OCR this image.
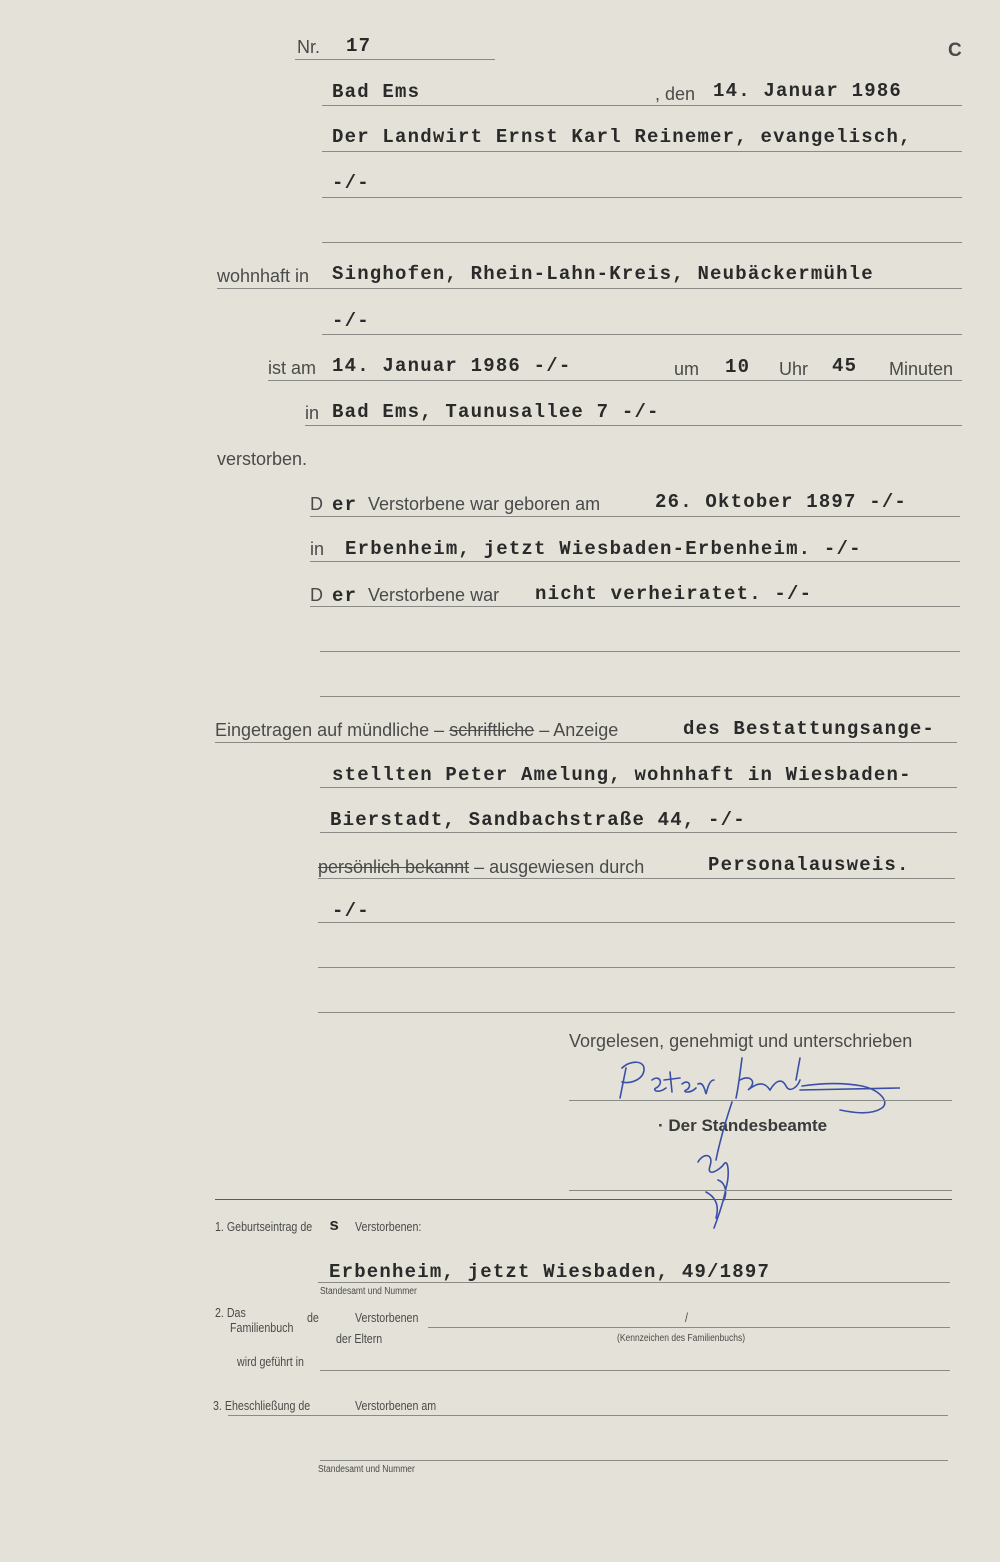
Nr. 17	C
Bad Ems	, den 14. Januar 1986
Der Landwirt Ernst Karl Reinemer, evangelisch,
-/-
wohnhaft in Singhofen, Rhein-Lahn-Kreis, Neubäckermühle
-/-
ist am 14. Januar 1986 -/-	um 10 Uhr 45 Minuten
in Bad Ems, Taunusallee 7 -/-
verstorben.
D er Verstorbene war geboren am	26. Oktober 1897 -/-
in Erbenheim, jetzt Wiesbaden-Erbenheim. -/-
D er Verstorbene war nicht verheiratet. -/-
Eingetragen auf mündliche – schriftliche – Anzeige	des Bestattungsange-
stellten Peter Amelung, wohnhaft in Wiesbaden-
Bierstadt, Sandbachstraße 44, -/-
persönlich bekannt – ausgewiesen durch	Personalausweis.
-/-
Vorgelesen, genehmigt und unterschrieben
· Der Standesbeamte
1. Geburtseintrag de s Verstorbenen:
Erbenheim, jetzt Wiesbaden, 49/1897
Standesamt und Nummer
2. Das
Familienbuch
de	Verstorbenen	/
der Eltern	(Kennzeichen des Familienbuchs)
wird geführt in
3. Eheschließung de	Verstorbenen am
Standesamt und Nummer
